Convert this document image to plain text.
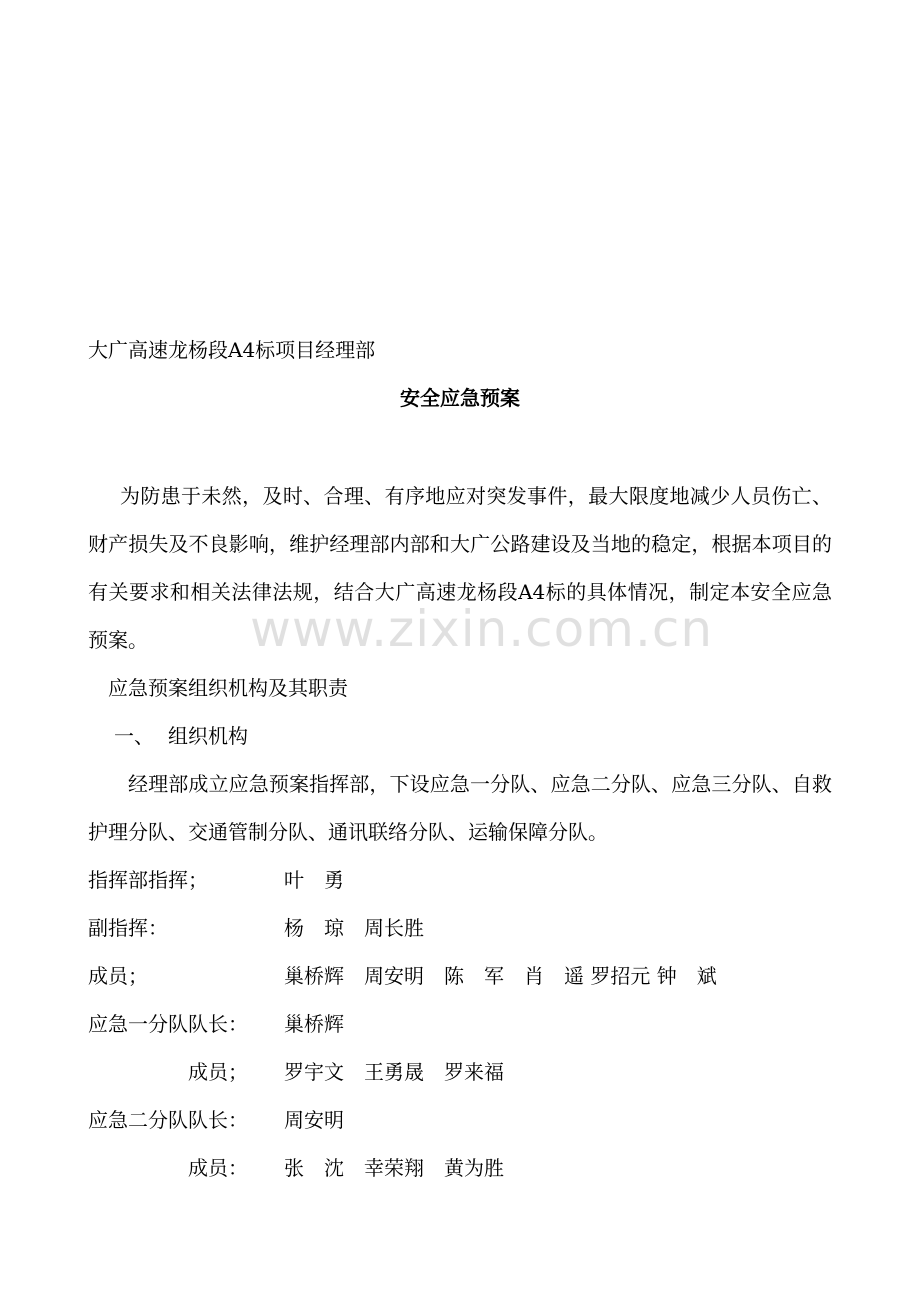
www.zixin.com.cn
大广高速龙杨段A4标项目经理部
安全应急预案
为防患于未然，及时、合理、有序地应对突发事件，最大限度地减少人员伤亡、财产损失及不良影响，维护经理部内部和大广公路建设及当地的稳定，根据本项目的有关要求和相关法律法规，结合大广高速龙杨段A4标的具体情况，制定本安全应急预案。
应急预案组织机构及其职责
一、 组织机构
经理部成立应急预案指挥部，下设应急一分队、应急二分队、应急三分队、自救护理分队、交通管制分队、通讯联络分队、运输保障分队。
指挥部指挥；	叶　勇
副指挥：	杨　琼　周长胜
成员；	巢桥辉　周安明　陈　军　肖　遥 罗招元 钟　斌
应急一分队队长：	巢桥辉
成员； 罗宇文　王勇晟　罗来福
应急二分队队长：	周安明
成员： 张　沈　幸荣翔　黄为胜
